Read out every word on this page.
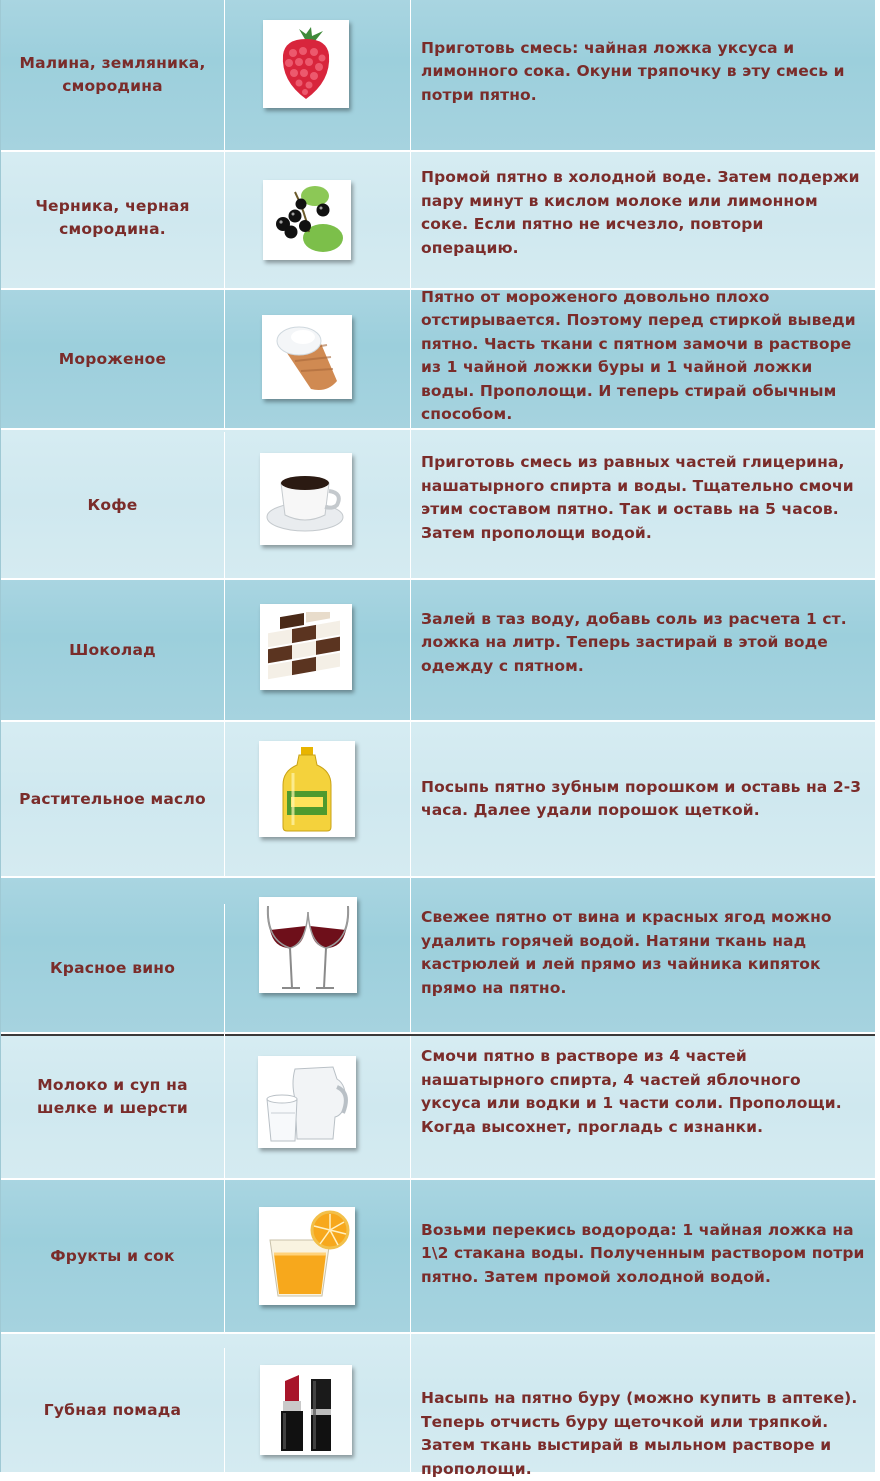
Малина, земляника, смородина
Приготовь смесь: чайная ложка уксуса и лимонного сока. Окуни тряпочку в эту смесь и потри пятно.
Черника, черная смородина.
Промой пятно в холодной воде. Затем подержи пару минут в кислом молоке или лимонном соке. Если пятно не исчезло, повтори операцию.
Мороженое
Пятно от мороженого довольно плохо отстирывается. Поэтому перед стиркой выведи пятно. Часть ткани с пятном замочи в растворе из 1 чайной ложки буры и 1 чайной ложки воды. Прополощи. И теперь стирай обычным способом.
Кофе
Приготовь смесь из равных частей глицерина, нашатырного спирта и воды. Тщательно смочи этим составом пятно. Так и оставь на 5 часов. Затем прополощи водой.
Шоколад
Залей в таз воду, добавь соль из расчета 1 ст. ложка на литр. Теперь застирай в этой воде одежду с пятном.
Растительное масло
Посыпь пятно зубным порошком и оставь на 2-3 часа. Далее удали порошок щеткой.
Красное вино
Свежее пятно от вина и красных ягод можно удалить горячей водой. Натяни ткань над кастрюлей и лей прямо из чайника кипяток прямо на пятно.
Молоко и суп на шелке и шерсти
Смочи пятно в растворе из 4 частей нашатырного спирта, 4 частей яблочного уксуса или водки и 1 части соли. Прополощи. Когда высохнет, прогладь с изнанки.
Фрукты и сок
Возьми перекись водорода: 1 чайная ложка на 1\2 стакана воды. Полученным раствором потри пятно. Затем промой холодной водой.
Губная помада
Насыпь на пятно буру (можно купить в аптеке). Теперь отчисть буру щеточкой или тряпкой. Затем ткань выстирай в мыльном растворе и прополощи.
